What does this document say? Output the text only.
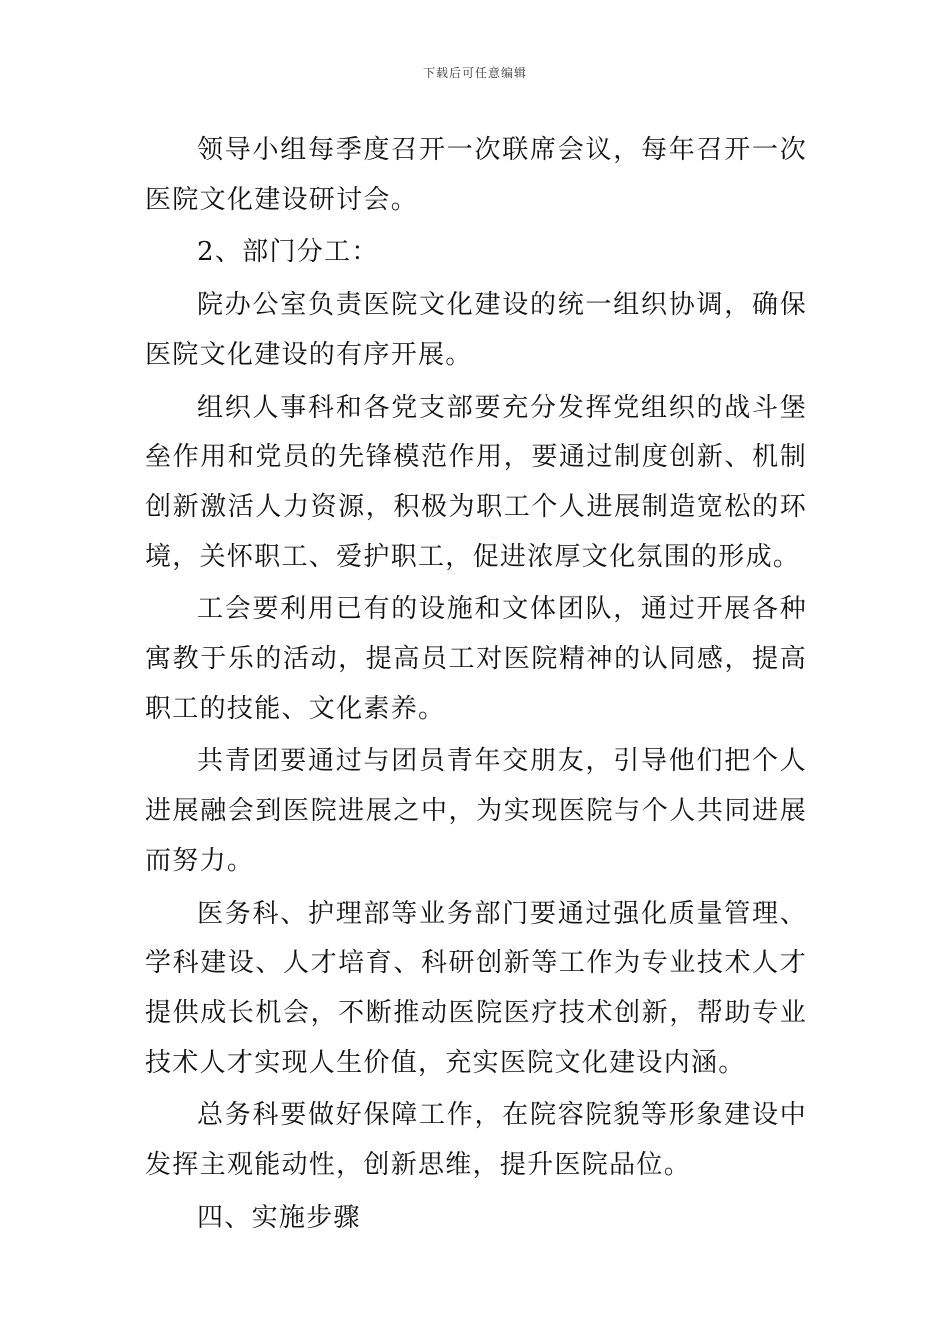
下载后可任意编辑

领导小组每季度召开一次联席会议，每年召开一次医院文化建设研讨会。

2、部门分工：

院办公室负责医院文化建设的统一组织协调，确保医院文化建设的有序开展。

组织人事科和各党支部要充分发挥党组织的战斗堡垒作用和党员的先锋模范作用，要通过制度创新、机制创新激活人力资源，积极为职工个人进展制造宽松的环境，关怀职工、爱护职工，促进浓厚文化氛围的形成。

工会要利用已有的设施和文体团队，通过开展各种寓教于乐的活动，提高员工对医院精神的认同感，提高职工的技能、文化素养。

共青团要通过与团员青年交朋友，引导他们把个人进展融会到医院进展之中，为实现医院与个人共同进展而努力。

医务科、护理部等业务部门要通过强化质量管理、学科建设、人才培育、科研创新等工作为专业技术人才提供成长机会，不断推动医院医疗技术创新，帮助专业技术人才实现人生价值，充实医院文化建设内涵。

总务科要做好保障工作，在院容院貌等形象建设中发挥主观能动性，创新思维，提升医院品位。

四、实施步骤
